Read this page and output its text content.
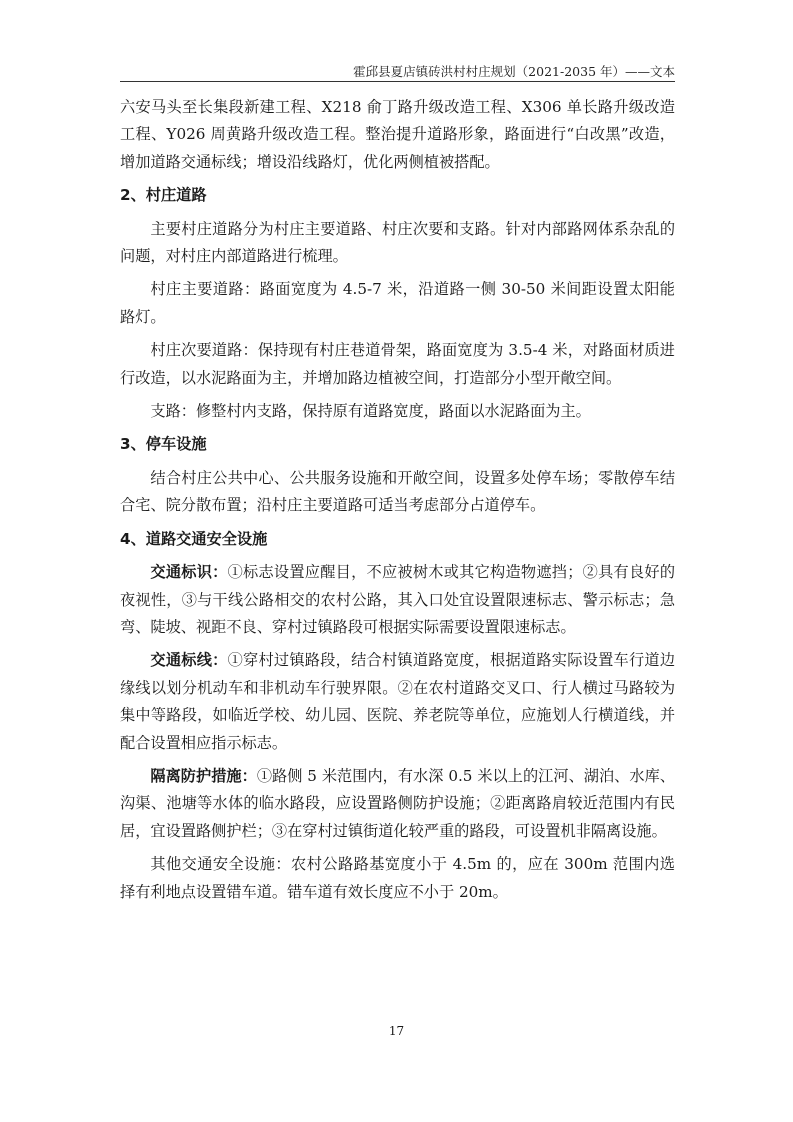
霍邱县夏店镇砖洪村村庄规划（2021-2035 年）——文本

六安马头至长集段新建工程、X218 俞丁路升级改造工程、X306 单长路升级改造工程、Y026 周黄路升级改造工程。整治提升道路形象，路面进行“白改黑”改造，增加道路交通标线；增设沿线路灯，优化两侧植被搭配。

2、村庄道路

主要村庄道路分为村庄主要道路、村庄次要和支路。针对内部路网体系杂乱的问题，对村庄内部道路进行梳理。

村庄主要道路：路面宽度为 4.5-7 米，沿道路一侧 30-50 米间距设置太阳能路灯。

村庄次要道路：保持现有村庄巷道骨架，路面宽度为 3.5-4 米，对路面材质进行改造，以水泥路面为主，并增加路边植被空间，打造部分小型开敞空间。

支路：修整村内支路，保持原有道路宽度，路面以水泥路面为主。

3、停车设施

结合村庄公共中心、公共服务设施和开敞空间，设置多处停车场；零散停车结合宅、院分散布置；沿村庄主要道路可适当考虑部分占道停车。

4、道路交通安全设施

交通标识：①标志设置应醒目，不应被树木或其它构造物遮挡；②具有良好的夜视性，③与干线公路相交的农村公路，其入口处宜设置限速标志、警示标志；急弯、陡坡、视距不良、穿村过镇路段可根据实际需要设置限速标志。

交通标线：①穿村过镇路段，结合村镇道路宽度，根据道路实际设置车行道边缘线以划分机动车和非机动车行驶界限。②在农村道路交叉口、行人横过马路较为集中等路段，如临近学校、幼儿园、医院、养老院等单位，应施划人行横道线，并配合设置相应指示标志。

隔离防护措施：①路侧 5 米范围内，有水深 0.5 米以上的江河、湖泊、水库、沟渠、池塘等水体的临水路段，应设置路侧防护设施；②距离路肩较近范围内有民居，宜设置路侧护栏；③在穿村过镇街道化较严重的路段，可设置机非隔离设施。

其他交通安全设施：农村公路路基宽度小于 4.5m 的，应在 300m 范围内选择有利地点设置错车道。错车道有效长度应不小于 20m。

17
